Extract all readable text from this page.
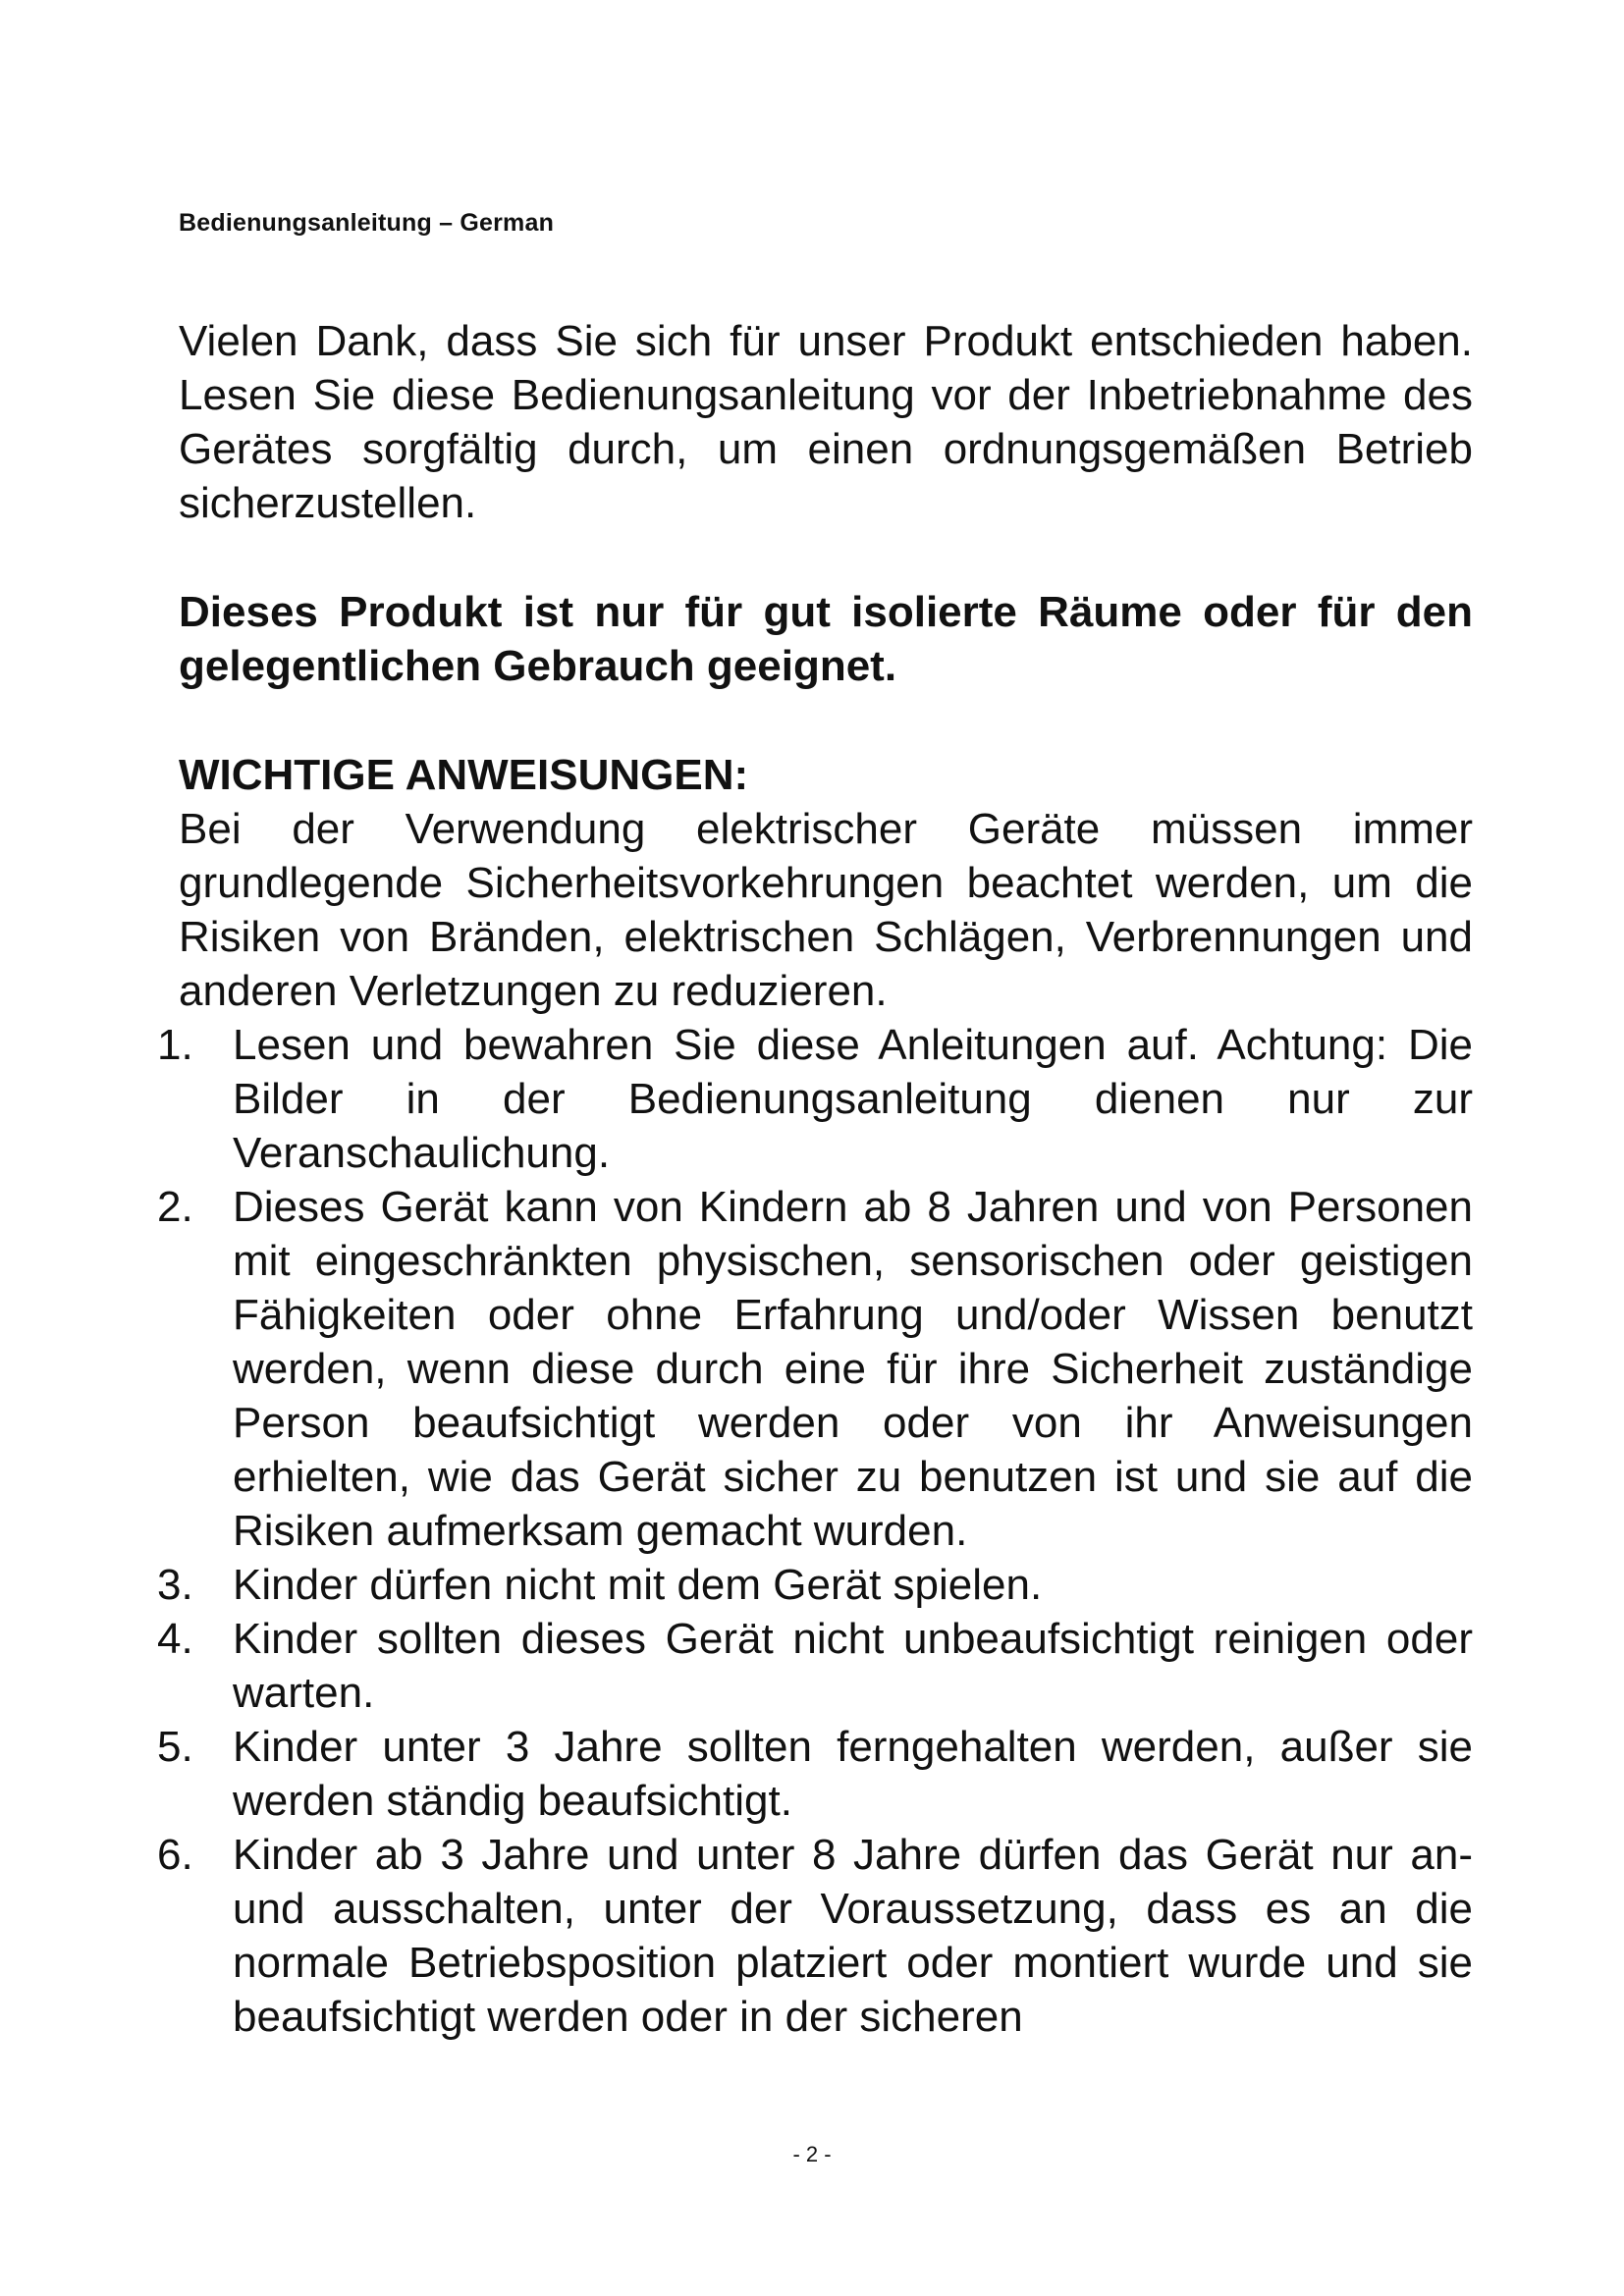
Bedienungsanleitung – German

Vielen Dank, dass Sie sich für unser Produkt entschieden haben. Lesen Sie diese Bedienungsanleitung vor der Inbetriebnahme des Gerätes sorgfältig durch, um einen ordnungsgemäßen Betrieb sicherzustellen.

Dieses Produkt ist nur für gut isolierte Räume oder für den gelegentlichen Gebrauch geeignet.

WICHTIGE ANWEISUNGEN:

Bei der Verwendung elektrischer Geräte müssen immer grundlegende Sicherheitsvorkehrungen beachtet werden, um die Risiken von Bränden, elektrischen Schlägen, Verbrennungen und anderen Verletzungen zu reduzieren.

1. Lesen und bewahren Sie diese Anleitungen auf. Achtung: Die Bilder in der Bedienungsanleitung dienen nur zur Veranschaulichung.
2. Dieses Gerät kann von Kindern ab 8 Jahren und von Personen mit eingeschränkten physischen, sensorischen oder geistigen Fähigkeiten oder ohne Erfahrung und/oder Wissen benutzt werden, wenn diese durch eine für ihre Sicherheit zuständige Person beaufsichtigt werden oder von ihr Anweisungen erhielten, wie das Gerät sicher zu benutzen ist und sie auf die Risiken aufmerksam gemacht wurden.
3. Kinder dürfen nicht mit dem Gerät spielen.
4. Kinder sollten dieses Gerät nicht unbeaufsichtigt reinigen oder warten.
5. Kinder unter 3 Jahre sollten ferngehalten werden, außer sie werden ständig beaufsichtigt.
6. Kinder ab 3 Jahre und unter 8 Jahre dürfen das Gerät nur an- und ausschalten, unter der Voraussetzung, dass es an die normale Betriebsposition platziert oder montiert wurde und sie beaufsichtigt werden oder in der sicheren
- 2 -
